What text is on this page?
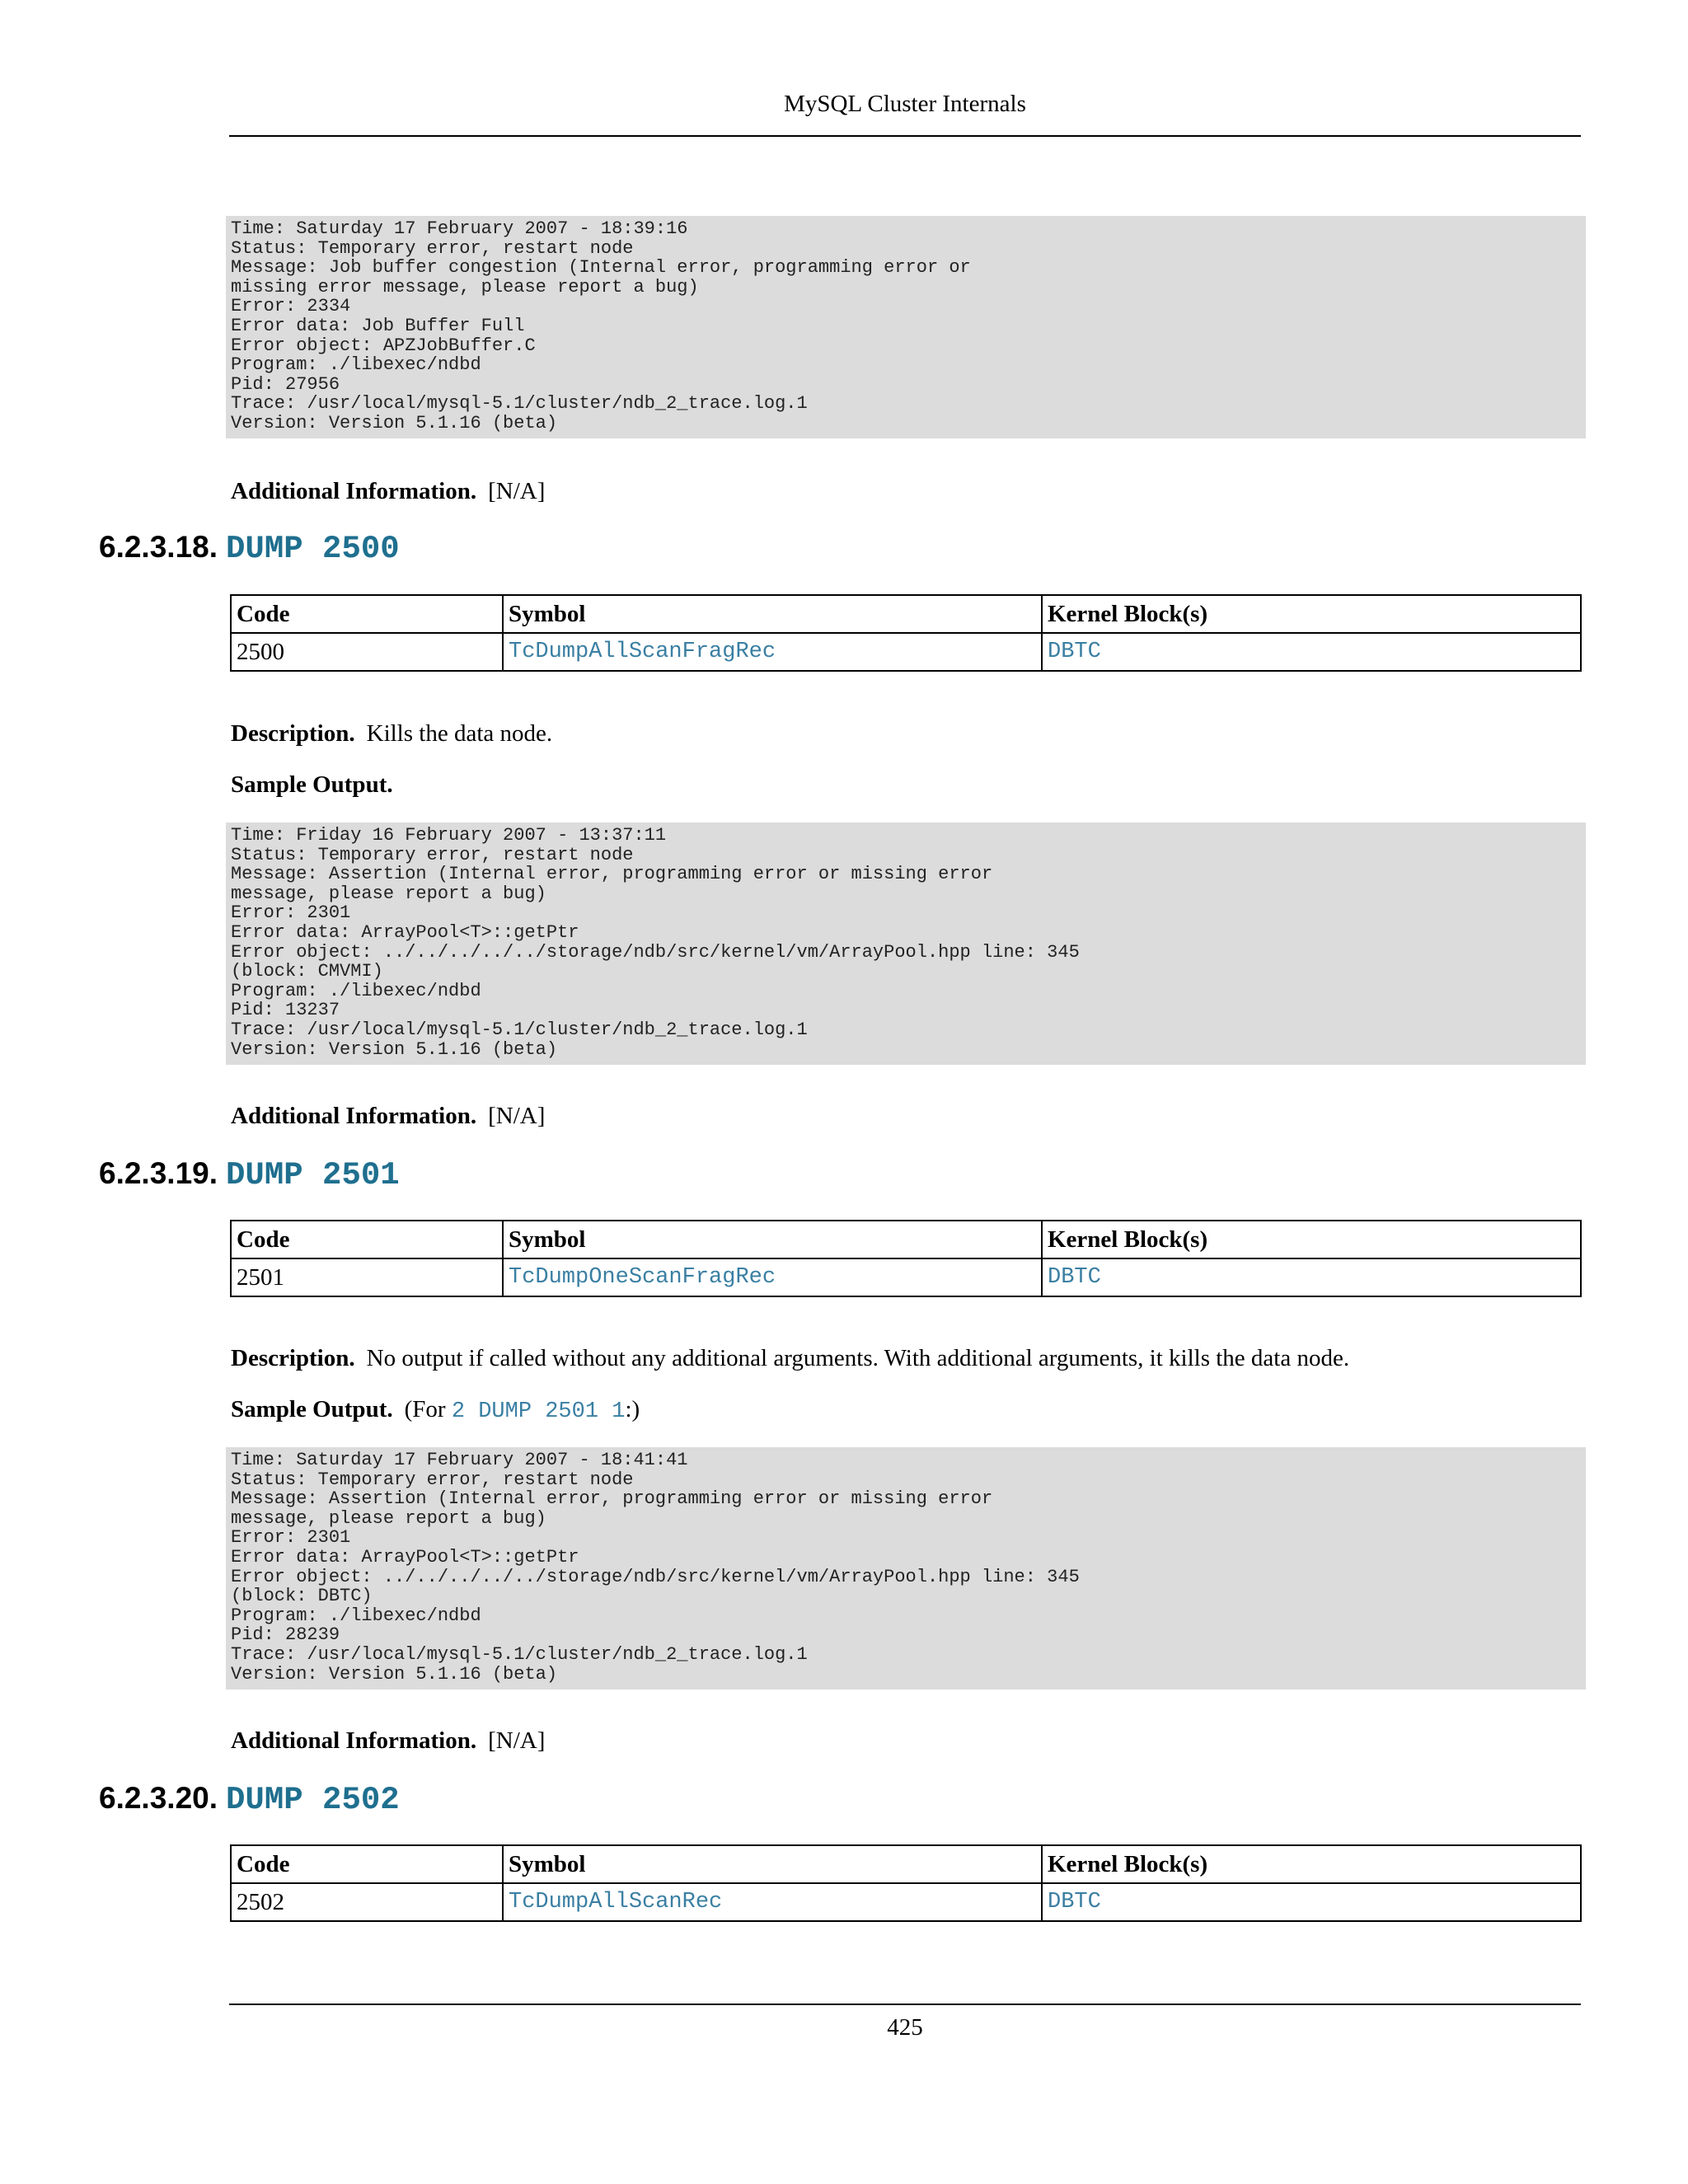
MySQL Cluster Internals
Time: Saturday 17 February 2007 - 18:39:16
Status: Temporary error, restart node
Message: Job buffer congestion (Internal error, programming error or
missing error message, please report a bug)
Error: 2334
Error data: Job Buffer Full
Error object: APZJobBuffer.C
Program: ./libexec/ndbd
Pid: 27956
Trace: /usr/local/mysql-5.1/cluster/ndb_2_trace.log.1
Version: Version 5.1.16 (beta)

Additional Information. [N/A]

6.2.3.18. DUMP 2500
Code	Symbol	Kernel Block(s)
2500	TcDumpAllScanFragRec	DBTC

Description. Kills the data node.

Sample Output.

Time: Friday 16 February 2007 - 13:37:11
Status: Temporary error, restart node
Message: Assertion (Internal error, programming error or missing error
message, please report a bug)
Error: 2301
Error data: ArrayPool<T>::getPtr
Error object: ../../../../../storage/ndb/src/kernel/vm/ArrayPool.hpp line: 345
(block: CMVMI)
Program: ./libexec/ndbd
Pid: 13237
Trace: /usr/local/mysql-5.1/cluster/ndb_2_trace.log.1
Version: Version 5.1.16 (beta)

Additional Information. [N/A]

6.2.3.19. DUMP 2501
Code	Symbol	Kernel Block(s)
2501	TcDumpOneScanFragRec	DBTC

Description. No output if called without any additional arguments. With additional arguments, it kills the data node.

Sample Output. (For 2 DUMP 2501 1:)

Time: Saturday 17 February 2007 - 18:41:41
Status: Temporary error, restart node
Message: Assertion (Internal error, programming error or missing error
message, please report a bug)
Error: 2301
Error data: ArrayPool<T>::getPtr
Error object: ../../../../../storage/ndb/src/kernel/vm/ArrayPool.hpp line: 345
(block: DBTC)
Program: ./libexec/ndbd
Pid: 28239
Trace: /usr/local/mysql-5.1/cluster/ndb_2_trace.log.1
Version: Version 5.1.16 (beta)

Additional Information. [N/A]

6.2.3.20. DUMP 2502
Code	Symbol	Kernel Block(s)
2502	TcDumpAllScanRec	DBTC
425
